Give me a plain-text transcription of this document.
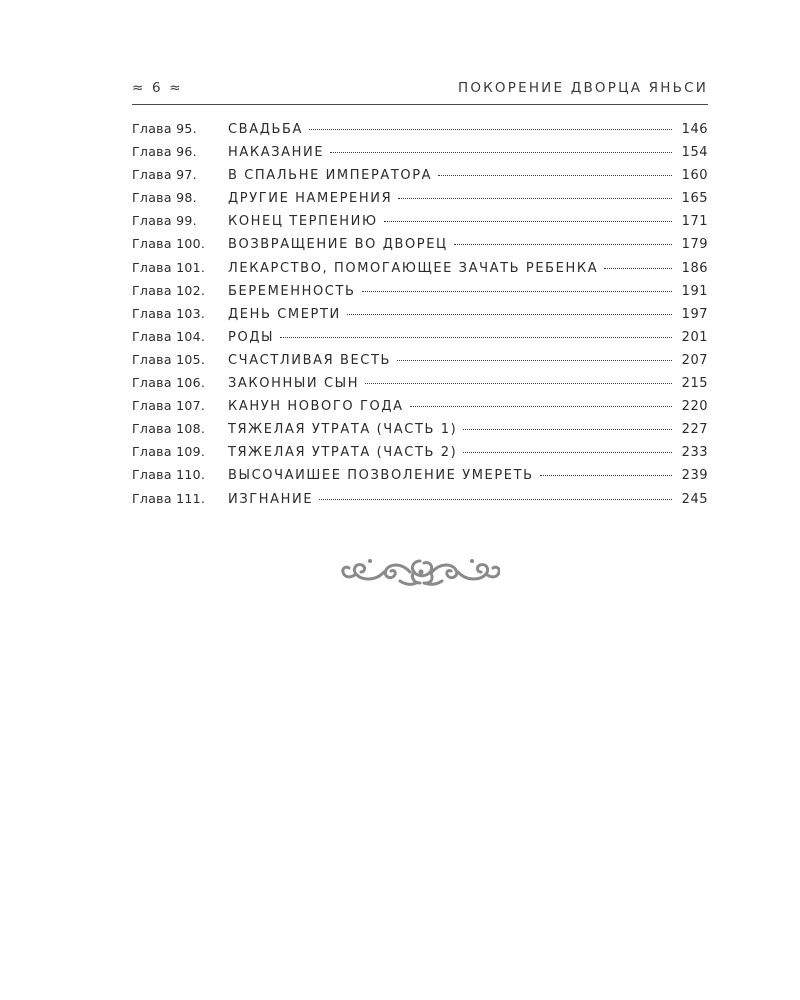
≈ 6 ≈	ПОКОРЕНИЕ ДВОРЦА ЯНЬСИ
Глава 95.	СВАДЬБА	146
Глава 96.	НАКАЗАНИЕ	154
Глава 97.	В СПАЛЬНЕ ИМПЕРАТОРА	160
Глава 98.	ДРУГИЕ НАМЕРЕНИЯ	165
Глава 99.	КОНЕЦ ТЕРПЕНИЮ	171
Глава 100.	ВОЗВРАЩЕНИЕ ВО ДВОРЕЦ	179
Глава 101.	ЛЕКАРСТВО, ПОМОГАЮЩЕЕ ЗАЧАТЬ РЕБЕНКА	186
Глава 102.	БЕРЕМЕННОСТЬ	191
Глава 103.	ДЕНЬ СМЕРТИ	197
Глава 104.	РОДЫ	201
Глава 105.	СЧАСТЛИВАЯ ВЕСТЬ	207
Глава 106.	ЗАКОННЫЙ СЫН	215
Глава 107.	КАНУН НОВОГО ГОДА	220
Глава 108.	ТЯЖЕЛАЯ УТРАТА (ЧАСТЬ 1)	227
Глава 109.	ТЯЖЕЛАЯ УТРАТА (ЧАСТЬ 2)	233
Глава 110.	ВЫСОЧАЙШЕЕ ПОЗВОЛЕНИЕ УМЕРЕТЬ	239
Глава 111.	ИЗГНАНИЕ	245
